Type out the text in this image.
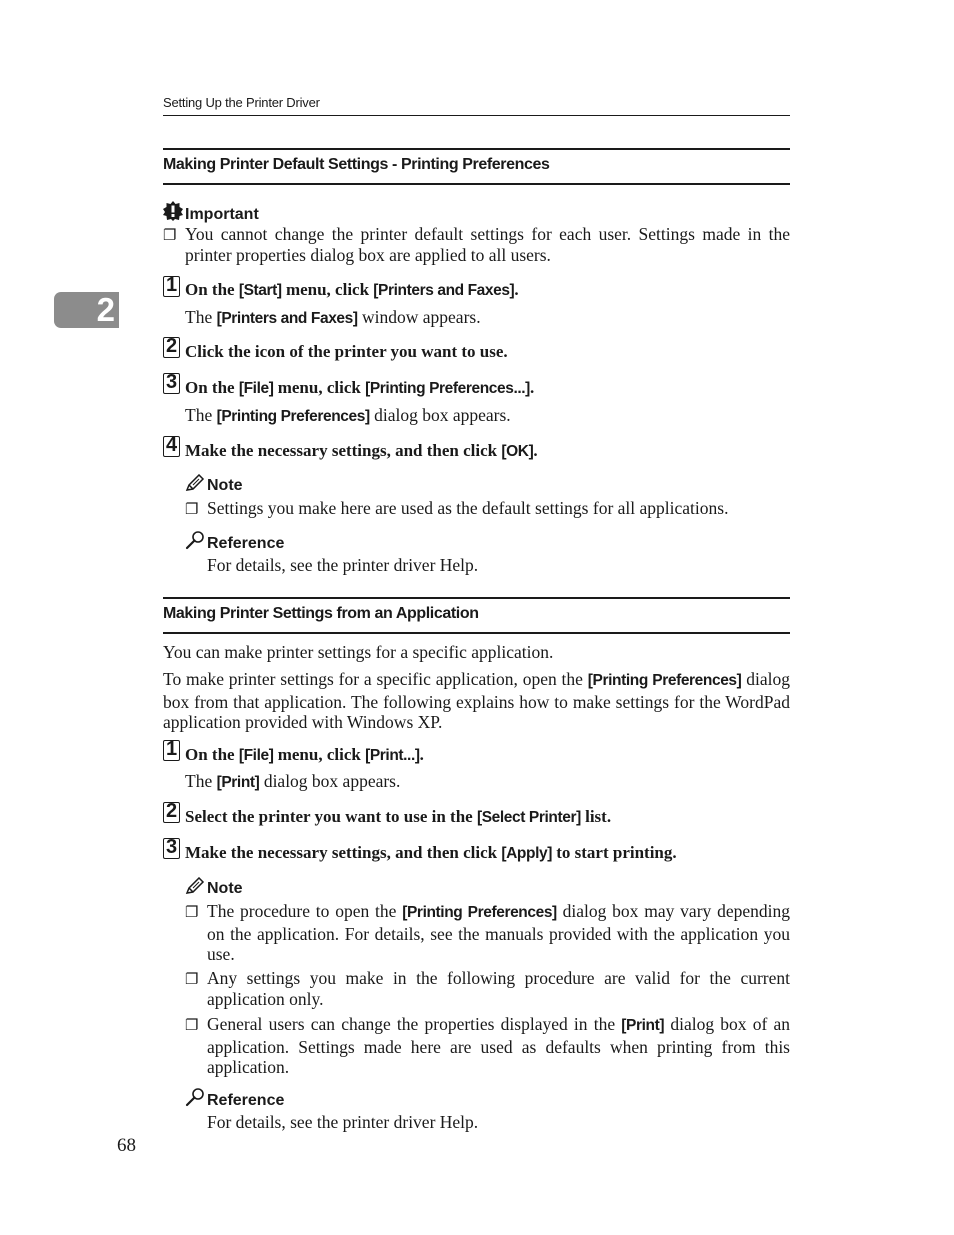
Setting Up the Printer Driver
2
Making Printer Default Settings - Printing Preferences
Important
❐ You cannot change the printer default settings for each user. Settings made in the printer properties dialog box are applied to all users.
1
On the [Start] menu, click [Printers and Faxes].
The [Printers and Faxes] window appears.
2
Click the icon of the printer you want to use.
3
On the [File] menu, click [Printing Preferences...].
The [Printing Preferences] dialog box appears.
4
Make the necessary settings, and then click [OK].
Note
❐ Settings you make here are used as the default settings for all applications.
Reference
For details, see the printer driver Help.
Making Printer Settings from an Application
You can make printer settings for a specific application.
To make printer settings for a specific application, open the [Printing Preferences] dialog box from that application. The following explains how to make settings for the WordPad application provided with Windows XP.
1
On the [File] menu, click [Print...].
The [Print] dialog box appears.
2
Select the printer you want to use in the [Select Printer] list.
3
Make the necessary settings, and then click [Apply] to start printing.
Note
❐ The procedure to open the [Printing Preferences] dialog box may vary depending on the application. For details, see the manuals provided with the application you use.
❐ Any settings you make in the following procedure are valid for the current application only.
❐ General users can change the properties displayed in the [Print] dialog box of an application. Settings made here are used as defaults when printing from this application.
Reference
For details, see the printer driver Help.
68
